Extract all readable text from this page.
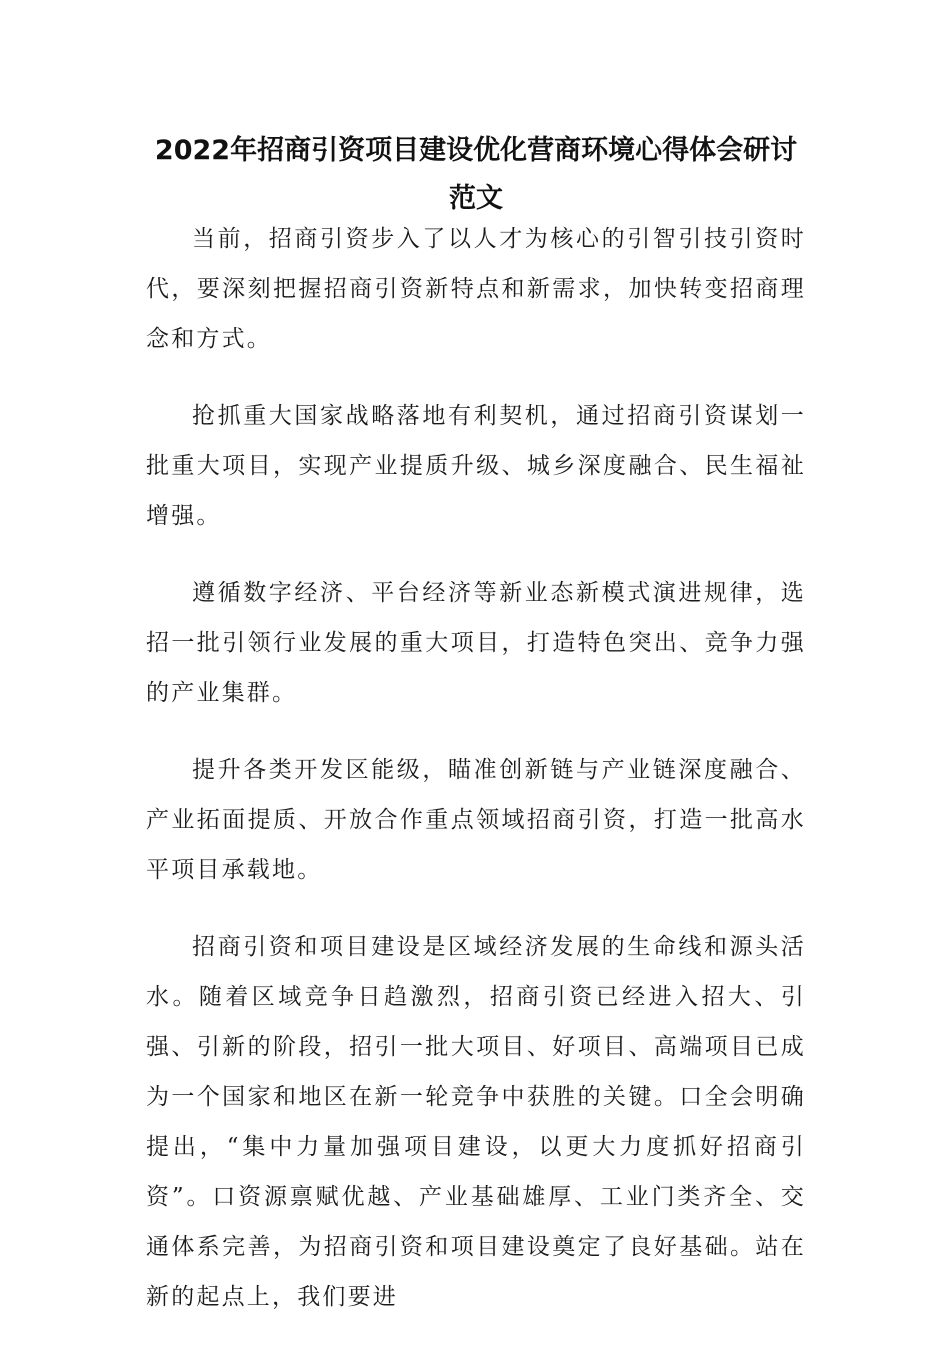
2022年招商引资项目建设优化营商环境心得体会研讨范文

当前，招商引资步入了以人才为核心的引智引技引资时代，要深刻把握招商引资新特点和新需求，加快转变招商理念和方式。

抢抓重大国家战略落地有利契机，通过招商引资谋划一批重大项目，实现产业提质升级、城乡深度融合、民生福祉增强。

遵循数字经济、平台经济等新业态新模式演进规律，选招一批引领行业发展的重大项目，打造特色突出、竞争力强的产业集群。

提升各类开发区能级，瞄准创新链与产业链深度融合、产业拓面提质、开放合作重点领域招商引资，打造一批高水平项目承载地。

招商引资和项目建设是区域经济发展的生命线和源头活水。随着区域竞争日趋激烈，招商引资已经进入招大、引强、引新的阶段，招引一批大项目、好项目、高端项目已成为一个国家和地区在新一轮竞争中获胜的关键。口全会明确提出，“集中力量加强项目建设，以更大力度抓好招商引资”。口资源禀赋优越、产业基础雄厚、工业门类齐全、交通体系完善，为招商引资和项目建设奠定了良好基础。站在新的起点上，我们要进
